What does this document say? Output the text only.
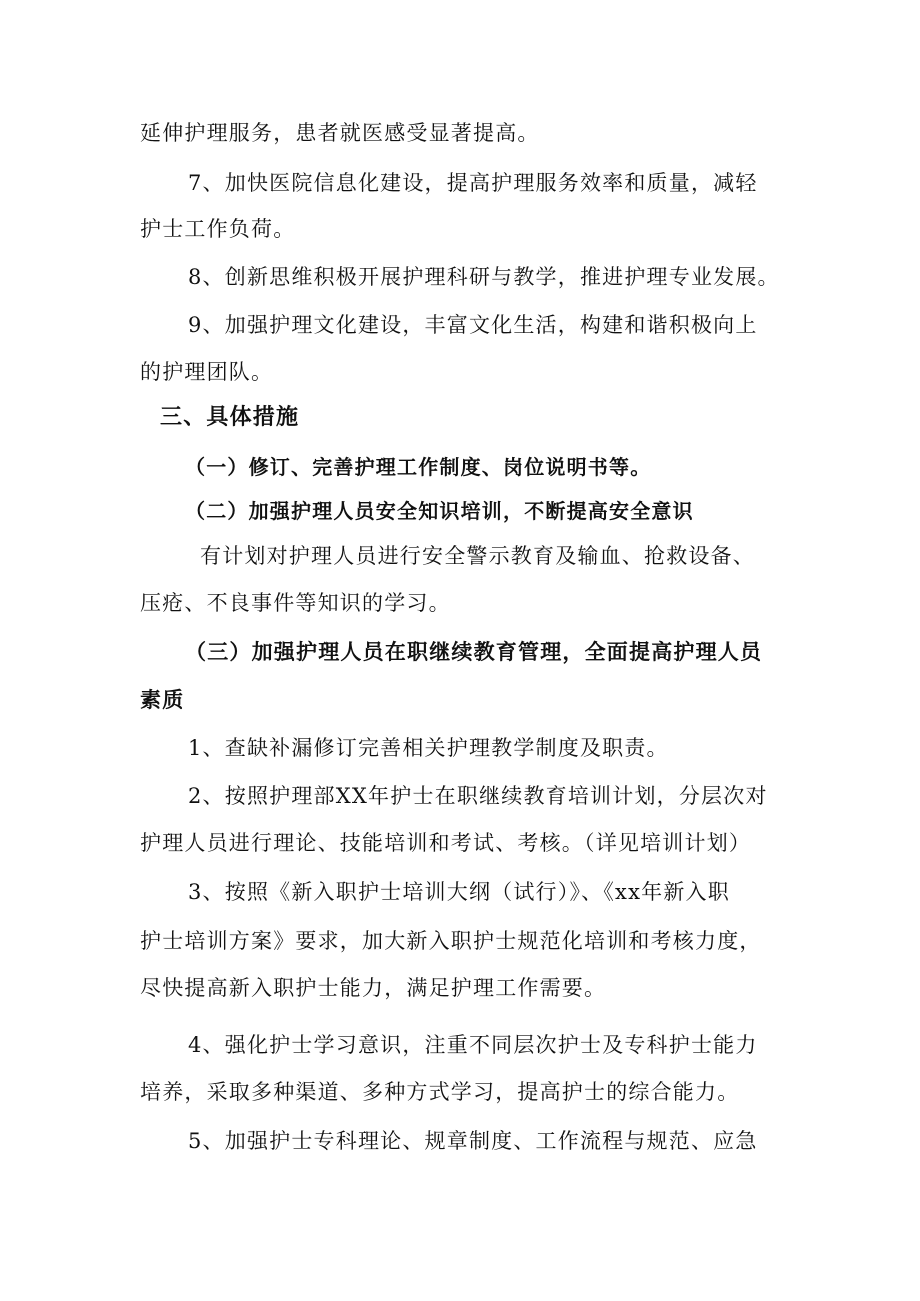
延伸护理服务，患者就医感受显著提高。
7、加快医院信息化建设，提高护理服务效率和质量，减轻
护士工作负荷。
8、创新思维积极开展护理科研与教学，推进护理专业发展。
9、加强护理文化建设，丰富文化生活，构建和谐积极向上
的护理团队。
三、具体措施
（一）修订、完善护理工作制度、岗位说明书等。
（二）加强护理人员安全知识培训，不断提高安全意识
有计划对护理人员进行安全警示教育及输血、抢救设备、
压疮、不良事件等知识的学习。
（三）加强护理人员在职继续教育管理，全面提高护理人员
素质
1、查缺补漏修订完善相关护理教学制度及职责。
2、按照护理部XX年护士在职继续教育培训计划，分层次对
护理人员进行理论、技能培训和考试、考核。（详见培训计划）
3、按照《新入职护士培训大纲（试行）》、《xx年新入职
护士培训方案》要求，加大新入职护士规范化培训和考核力度，
尽快提高新入职护士能力，满足护理工作需要。
4、强化护士学习意识，注重不同层次护士及专科护士能力
培养，采取多种渠道、多种方式学习，提高护士的综合能力。
5、加强护士专科理论、规章制度、工作流程与规范、应急
